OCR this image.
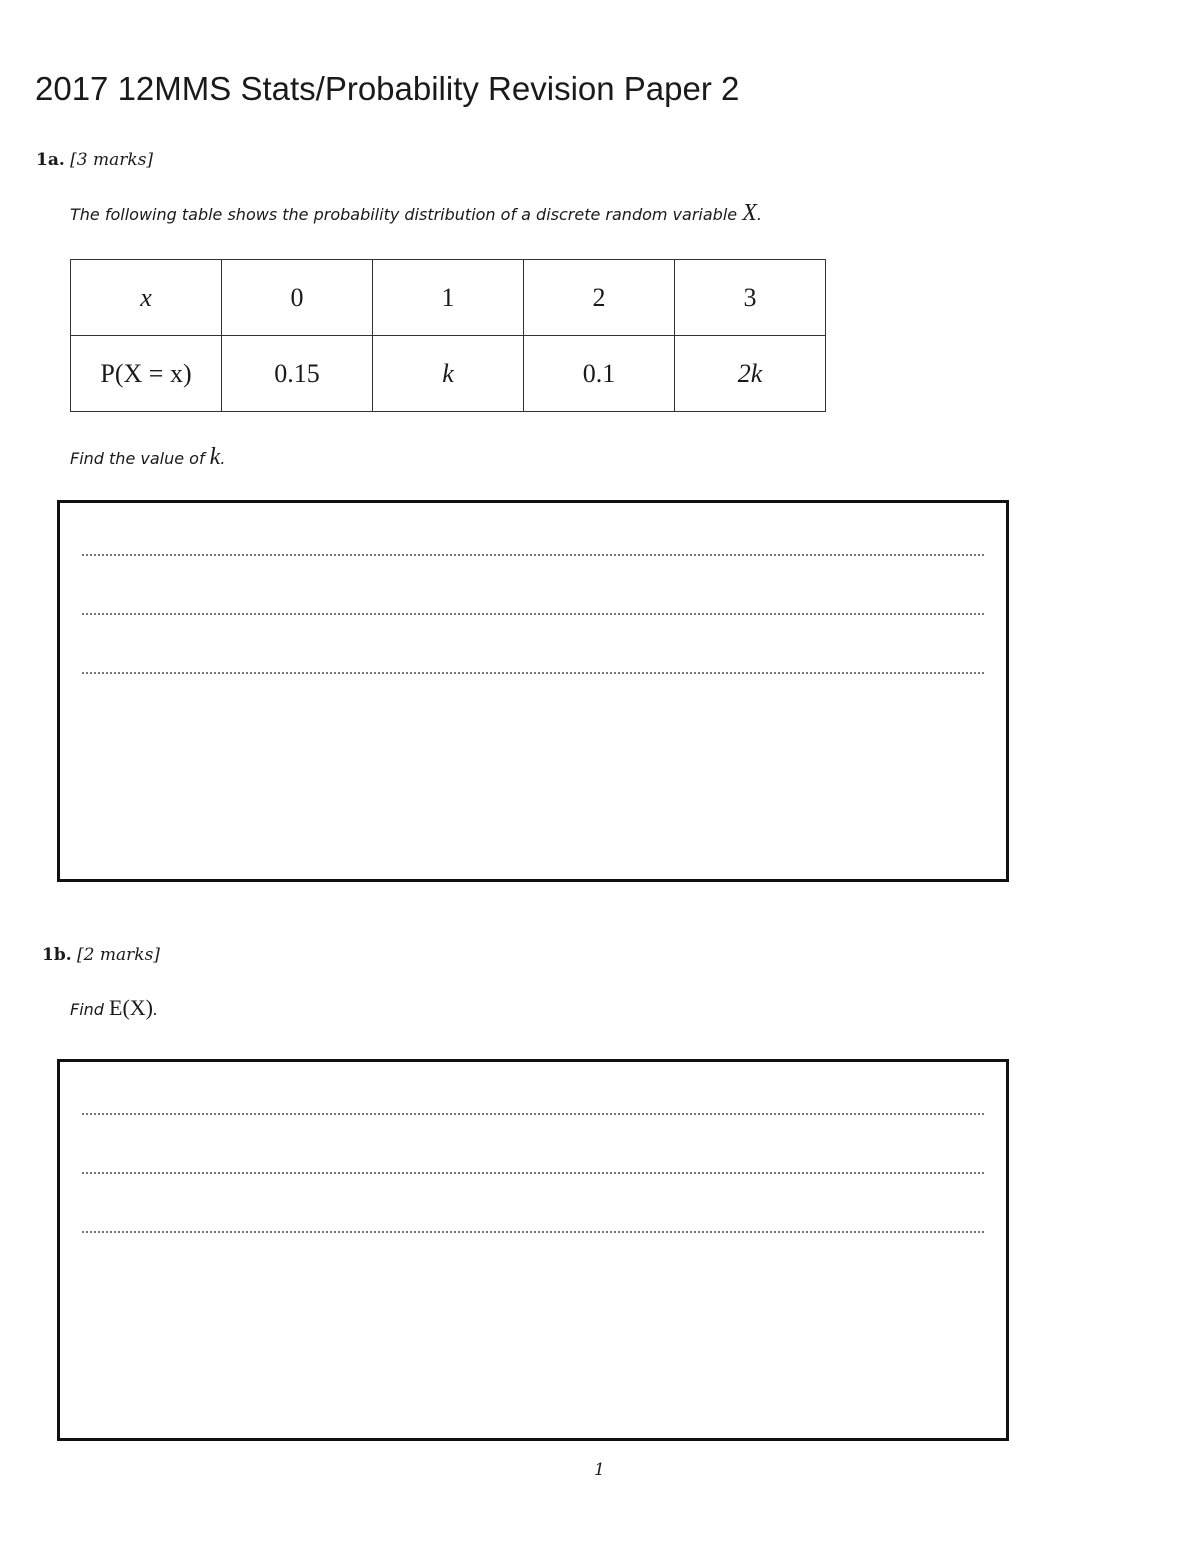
2017 12MMS Stats/Probability Revision Paper 2
1a. [3 marks]
The following table shows the probability distribution of a discrete random variable X.
x	0	1	2	3
P(X = x)	0.15	k	0.1	2k
Find the value of k.
1b. [2 marks]
Find E(X).
1
